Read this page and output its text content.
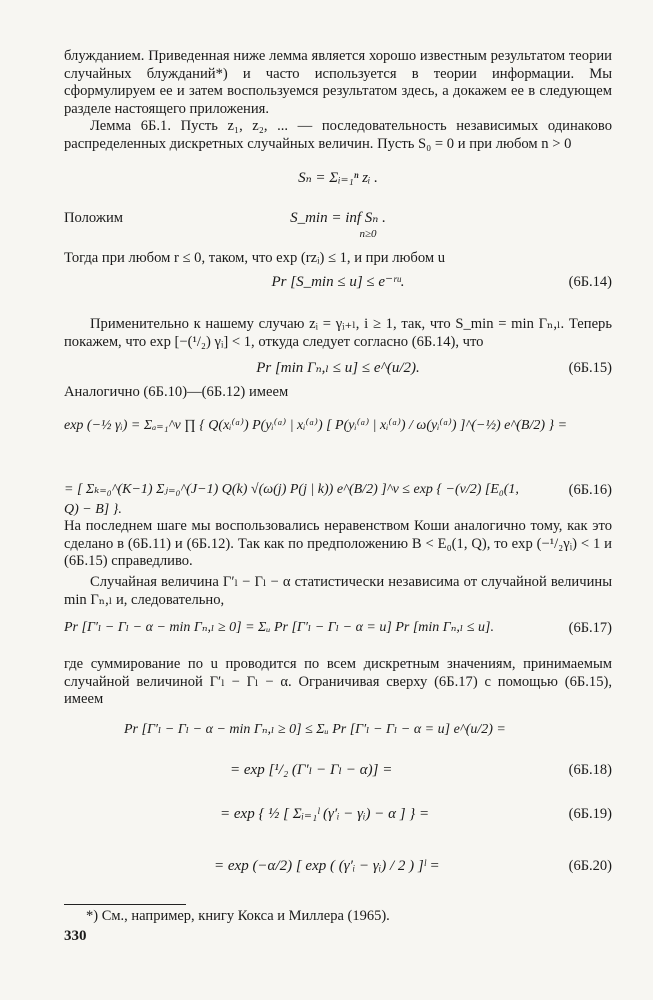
блужданием. Приведенная ниже лемма является хорошо известным результатом теории случайных блужданий*) и часто используется в теории информации. Мы сформулируем ее и затем воспользуемся результатом здесь, а докажем ее в следующем разделе настоящего приложения.

Лемма 6Б.1. Пусть z₁, z₂, ... — последовательность независимых одинаково распределенных дискретных случайных величин. Пусть S₀ = 0 и при любом n > 0

Sₙ = Σᵢ₌₁ⁿ zᵢ .
Положим	S_min = inf Sₙ .
n≥0

Тогда при любом r ≤ 0, таком, что exp (rzᵢ) ≤ 1, и при любом u

Pr [S_min ≤ u] ≤ e⁻ʳᵘ.	(6Б.14)

Применительно к нашему случаю zᵢ = γᵢ₊ₗ, i ≥ 1, так, что S_min = min Γₙ,ₗ. Теперь покажем, что exp [−(¹/₂) γᵢ] < 1, откуда следует согласно (6Б.14), что

Pr [min Γₙ,ₗ ≤ u] ≤ e^(u/2).	(6Б.15)

Аналогично (6Б.10)—(6Б.12) имеем

exp (−½ γᵢ) = Σₐ₌₁^ν ∏ { Q(xᵢ⁽ᵃ⁾) P(yᵢ⁽ᵃ⁾ | xᵢ⁽ᵃ⁾) [ P(yᵢ⁽ᵃ⁾ | xᵢ⁽ᵃ⁾) / ω(yᵢ⁽ᵃ⁾) ]^(−½) e^(B/2) } =
= [ Σₖ₌₀^(K−1) Σⱼ₌₀^(J−1) Q(k) √(ω(j) P(j | k)) e^(B/2) ]^ν ≤ exp { −(ν/2) [E₀(1, Q) − B] }.
(6Б.16)

На последнем шаге мы воспользовались неравенством Коши аналогично тому, как это сделано в (6Б.11) и (6Б.12). Так как по предположению B < E₀(1, Q), то exp (−¹/₂γᵢ) < 1 и (6Б.15) справедливо.

Случайная величина Γ′ₗ − Γₗ − α статистически независима от случайной величины min Γₙ,ₗ и, следовательно,

Pr [Γ′ₗ − Γₗ − α − min Γₙ,ₗ ≥ 0] = Σᵤ Pr [Γ′ₗ − Γₗ − α = u] Pr [min Γₙ,ₗ ≤ u].	(6Б.17)

где суммирование по u проводится по всем дискретным значениям, принимаемым случайной величиной Γ′ₗ − Γₗ − α. Ограничивая сверху (6Б.17) с помощью (6Б.15), имеем

Pr [Γ′ₗ − Γₗ − α − min Γₙ,ₗ ≥ 0] ≤ Σᵤ Pr [Γ′ₗ − Γₗ − α = u] e^(u/2) =
= exp [¹/₂ (Γ′ₗ − Γₗ − α)] =	(6Б.18)
= exp { ½ [ Σᵢ₌₁ˡ (γ′ᵢ − γᵢ) − α ] } =	(6Б.19)
= exp (−α/2) [ exp ( (γ′ᵢ − γᵢ) / 2 ) ]ˡ =	(6Б.20)
*) См., например, книгу Кокса и Миллера (1965).
330
